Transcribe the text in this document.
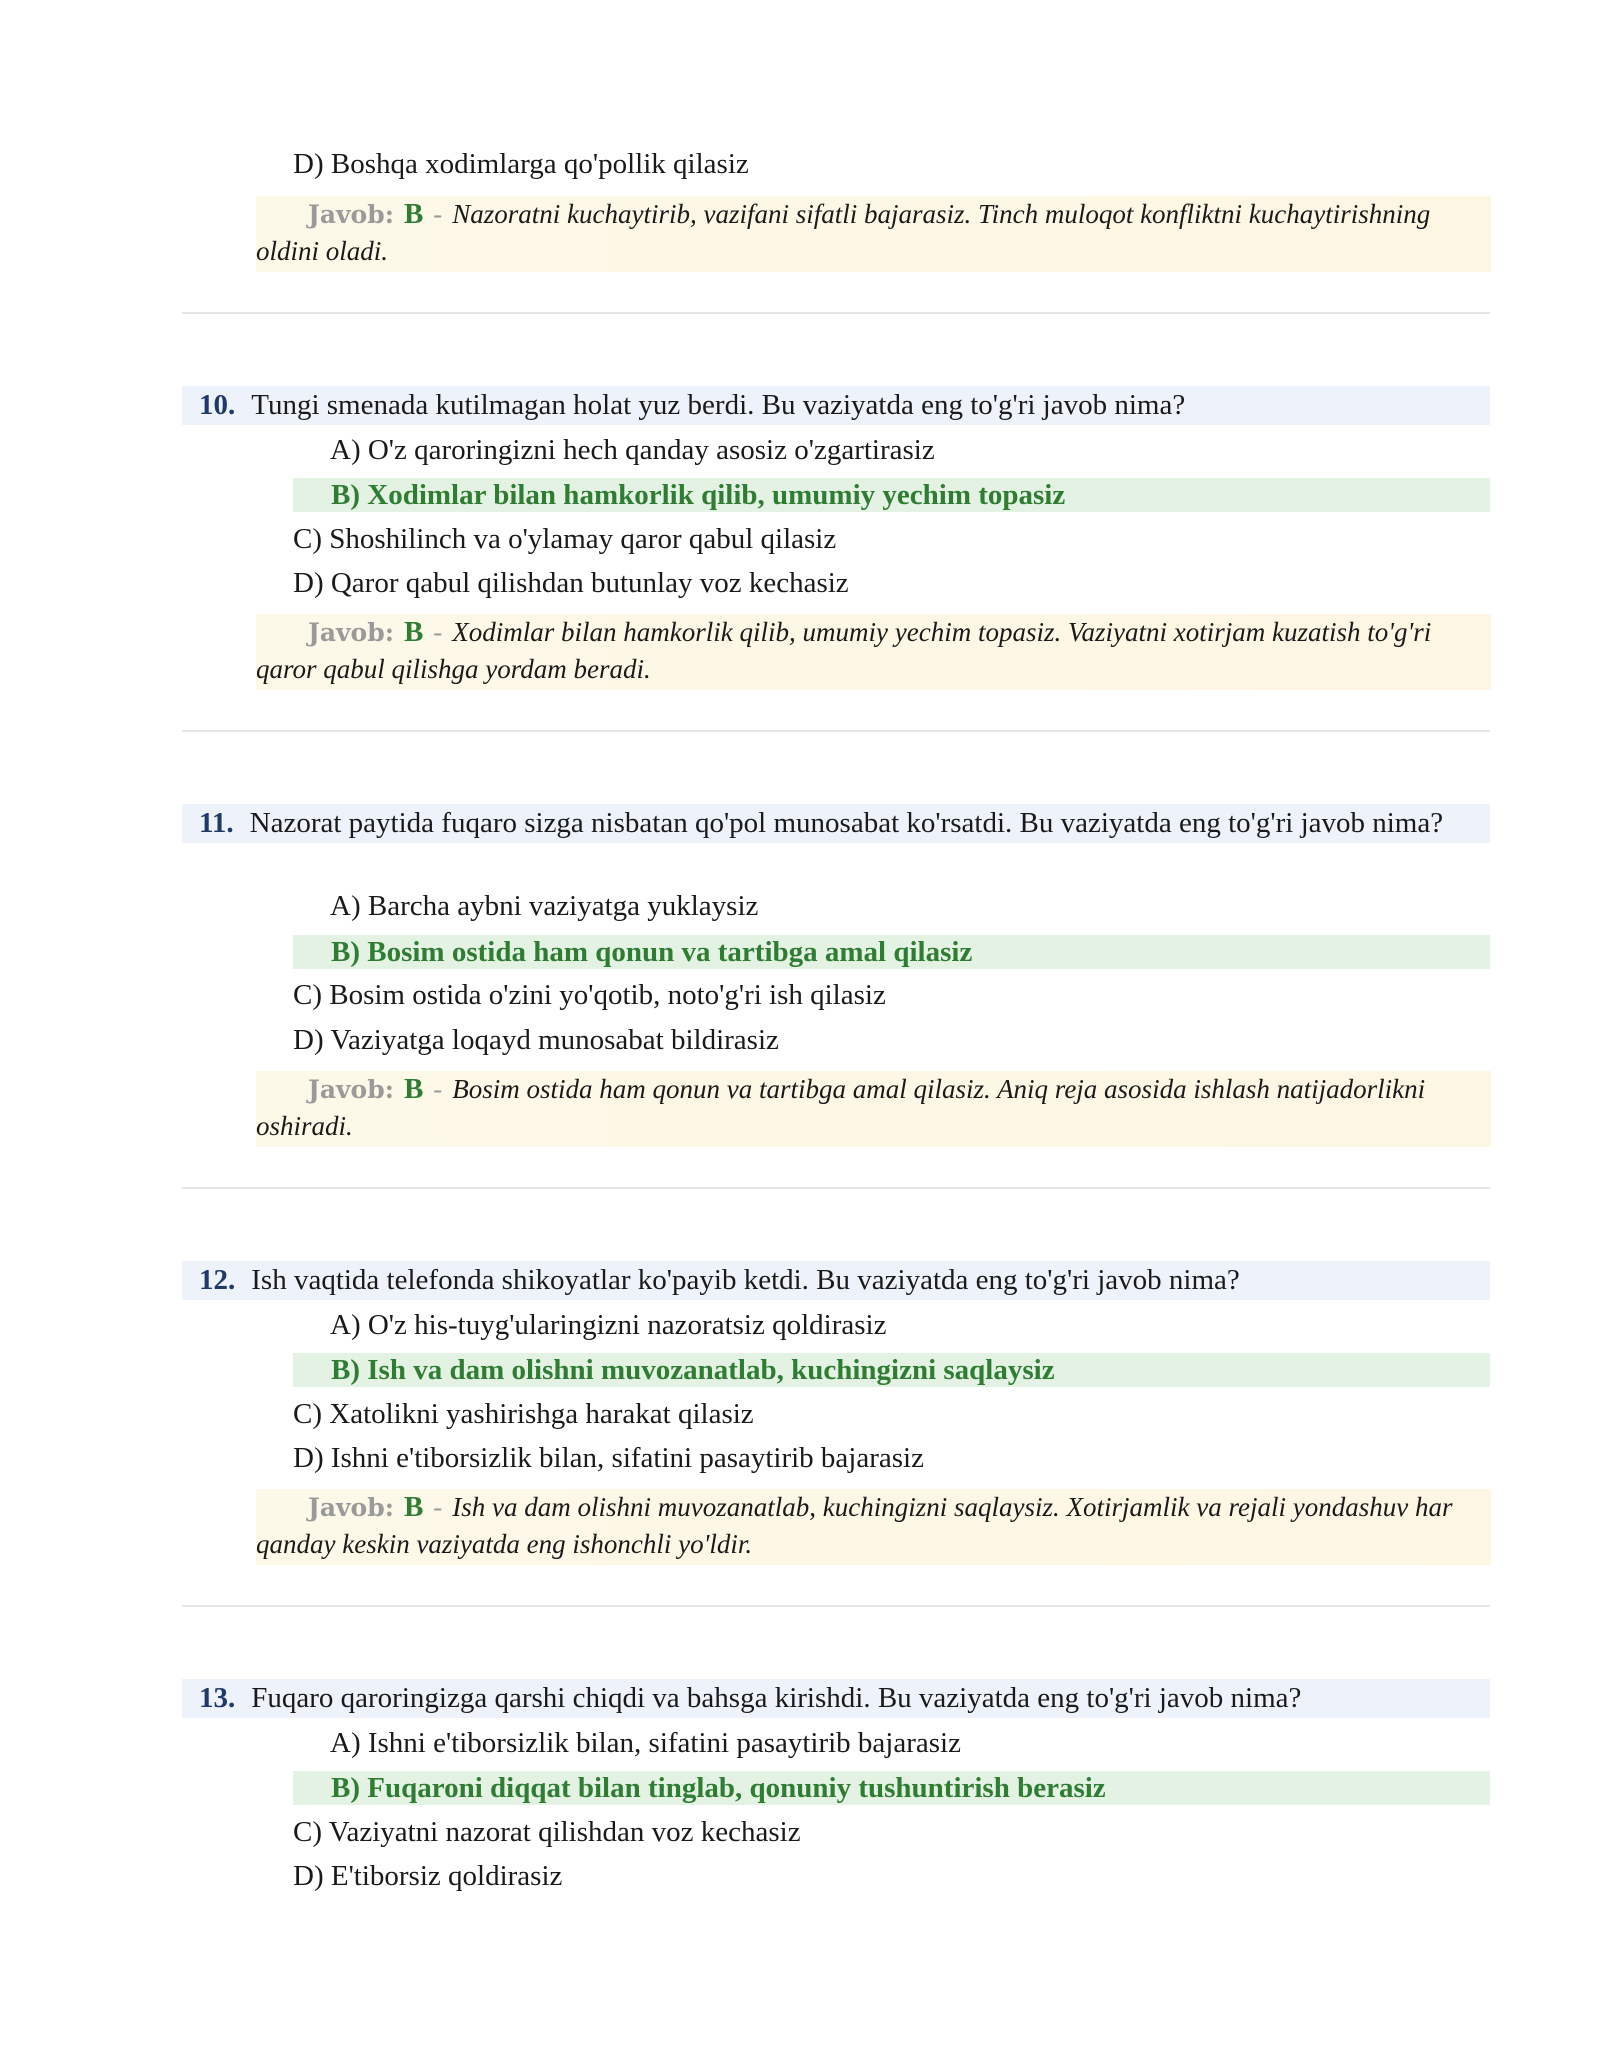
D) Boshqa xodimlarga qo'pollik qilasiz
Javob: B - Nazoratni kuchaytirib, vazifani sifatli bajarasiz. Tinch muloqot konfliktni kuchaytirishning oldini oladi.
10. Tungi smenada kutilmagan holat yuz berdi. Bu vaziyatda eng to'g'ri javob nima?
A) O'z qaroringizni hech qanday asosiz o'zgartirasiz
B) Xodimlar bilan hamkorlik qilib, umumiy yechim topasiz
C) Shoshilinch va o'ylamay qaror qabul qilasiz
D) Qaror qabul qilishdan butunlay voz kechasiz
Javob: B - Xodimlar bilan hamkorlik qilib, umumiy yechim topasiz. Vaziyatni xotirjam kuzatish to'g'ri qaror qabul qilishga yordam beradi.
11. Nazorat paytida fuqaro sizga nisbatan qo'pol munosabat ko'rsatdi. Bu vaziyatda eng to'g'ri javob nima?
A) Barcha aybni vaziyatga yuklaysiz
B) Bosim ostida ham qonun va tartibga amal qilasiz
C) Bosim ostida o'zini yo'qotib, noto'g'ri ish qilasiz
D) Vaziyatga loqayd munosabat bildirasiz
Javob: B - Bosim ostida ham qonun va tartibga amal qilasiz. Aniq reja asosida ishlash natijadorlikni oshiradi.
12. Ish vaqtida telefonda shikoyatlar ko'payib ketdi. Bu vaziyatda eng to'g'ri javob nima?
A) O'z his-tuyg'ularingizni nazoratsiz qoldirasiz
B) Ish va dam olishni muvozanatlab, kuchingizni saqlaysiz
C) Xatolikni yashirishga harakat qilasiz
D) Ishni e'tiborsizlik bilan, sifatini pasaytirib bajarasiz
Javob: B - Ish va dam olishni muvozanatlab, kuchingizni saqlaysiz. Xotirjamlik va rejali yondashuv har qanday keskin vaziyatda eng ishonchli yo'ldir.
13. Fuqaro qaroringizga qarshi chiqdi va bahsga kirishdi. Bu vaziyatda eng to'g'ri javob nima?
A) Ishni e'tiborsizlik bilan, sifatini pasaytirib bajarasiz
B) Fuqaroni diqqat bilan tinglab, qonuniy tushuntirish berasiz
C) Vaziyatni nazorat qilishdan voz kechasiz
D) E'tiborsiz qoldirasiz
